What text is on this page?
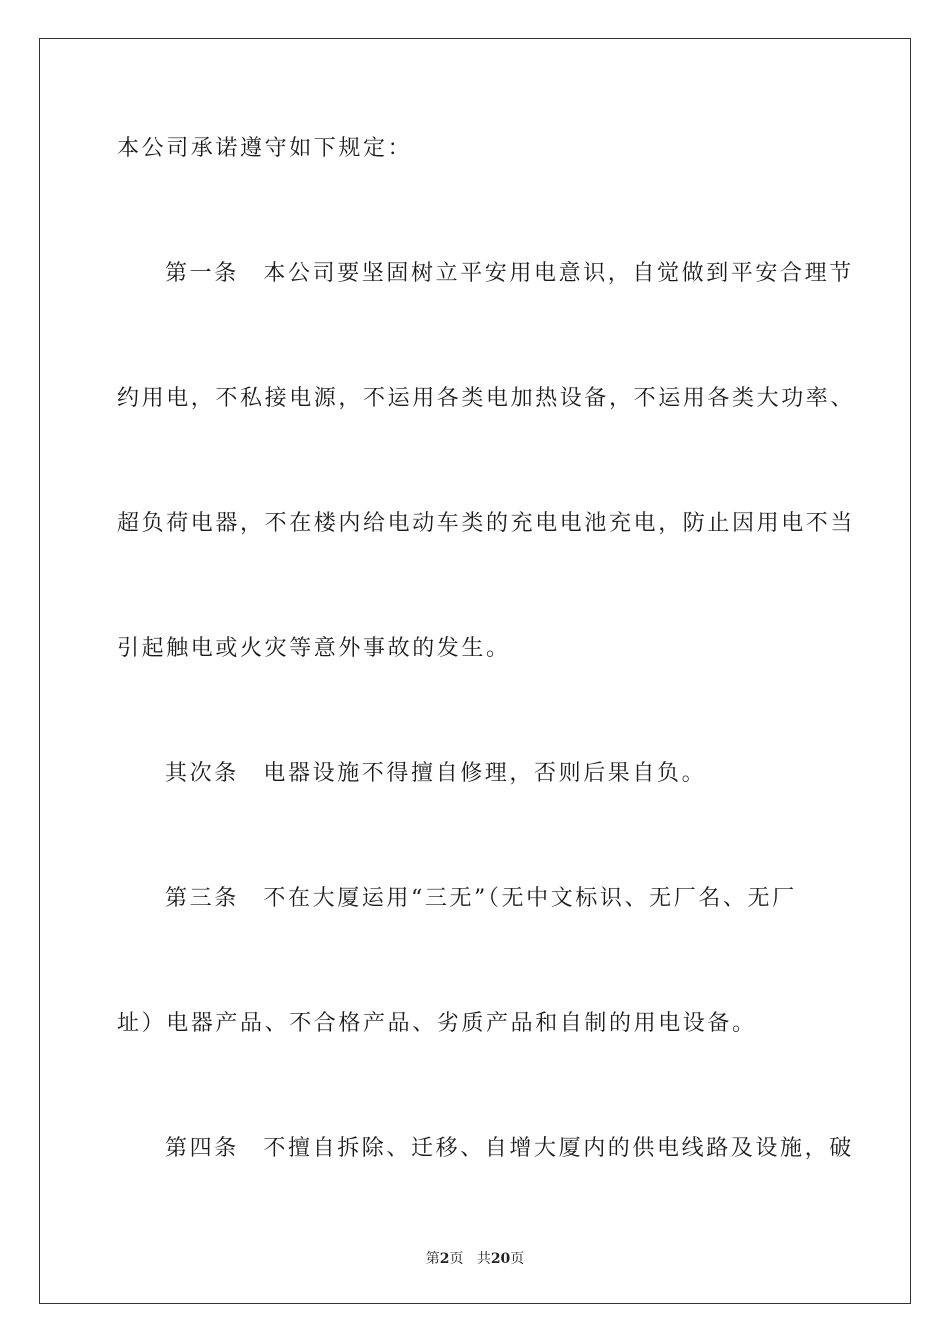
本公司承诺遵守如下规定：
第一条　本公司要坚固树立平安用电意识，自觉做到平安合理节
约用电，不私接电源，不运用各类电加热设备，不运用各类大功率、
超负荷电器，不在楼内给电动车类的充电电池充电，防止因用电不当
引起触电或火灾等意外事故的发生。
其次条　电器设施不得擅自修理，否则后果自负。
第三条　不在大厦运用“三无”（无中文标识、无厂名、无厂
址）电器产品、不合格产品、劣质产品和自制的用电设备。
第四条　不擅自拆除、迁移、自增大厦内的供电线路及设施，破
第2页 共20页
